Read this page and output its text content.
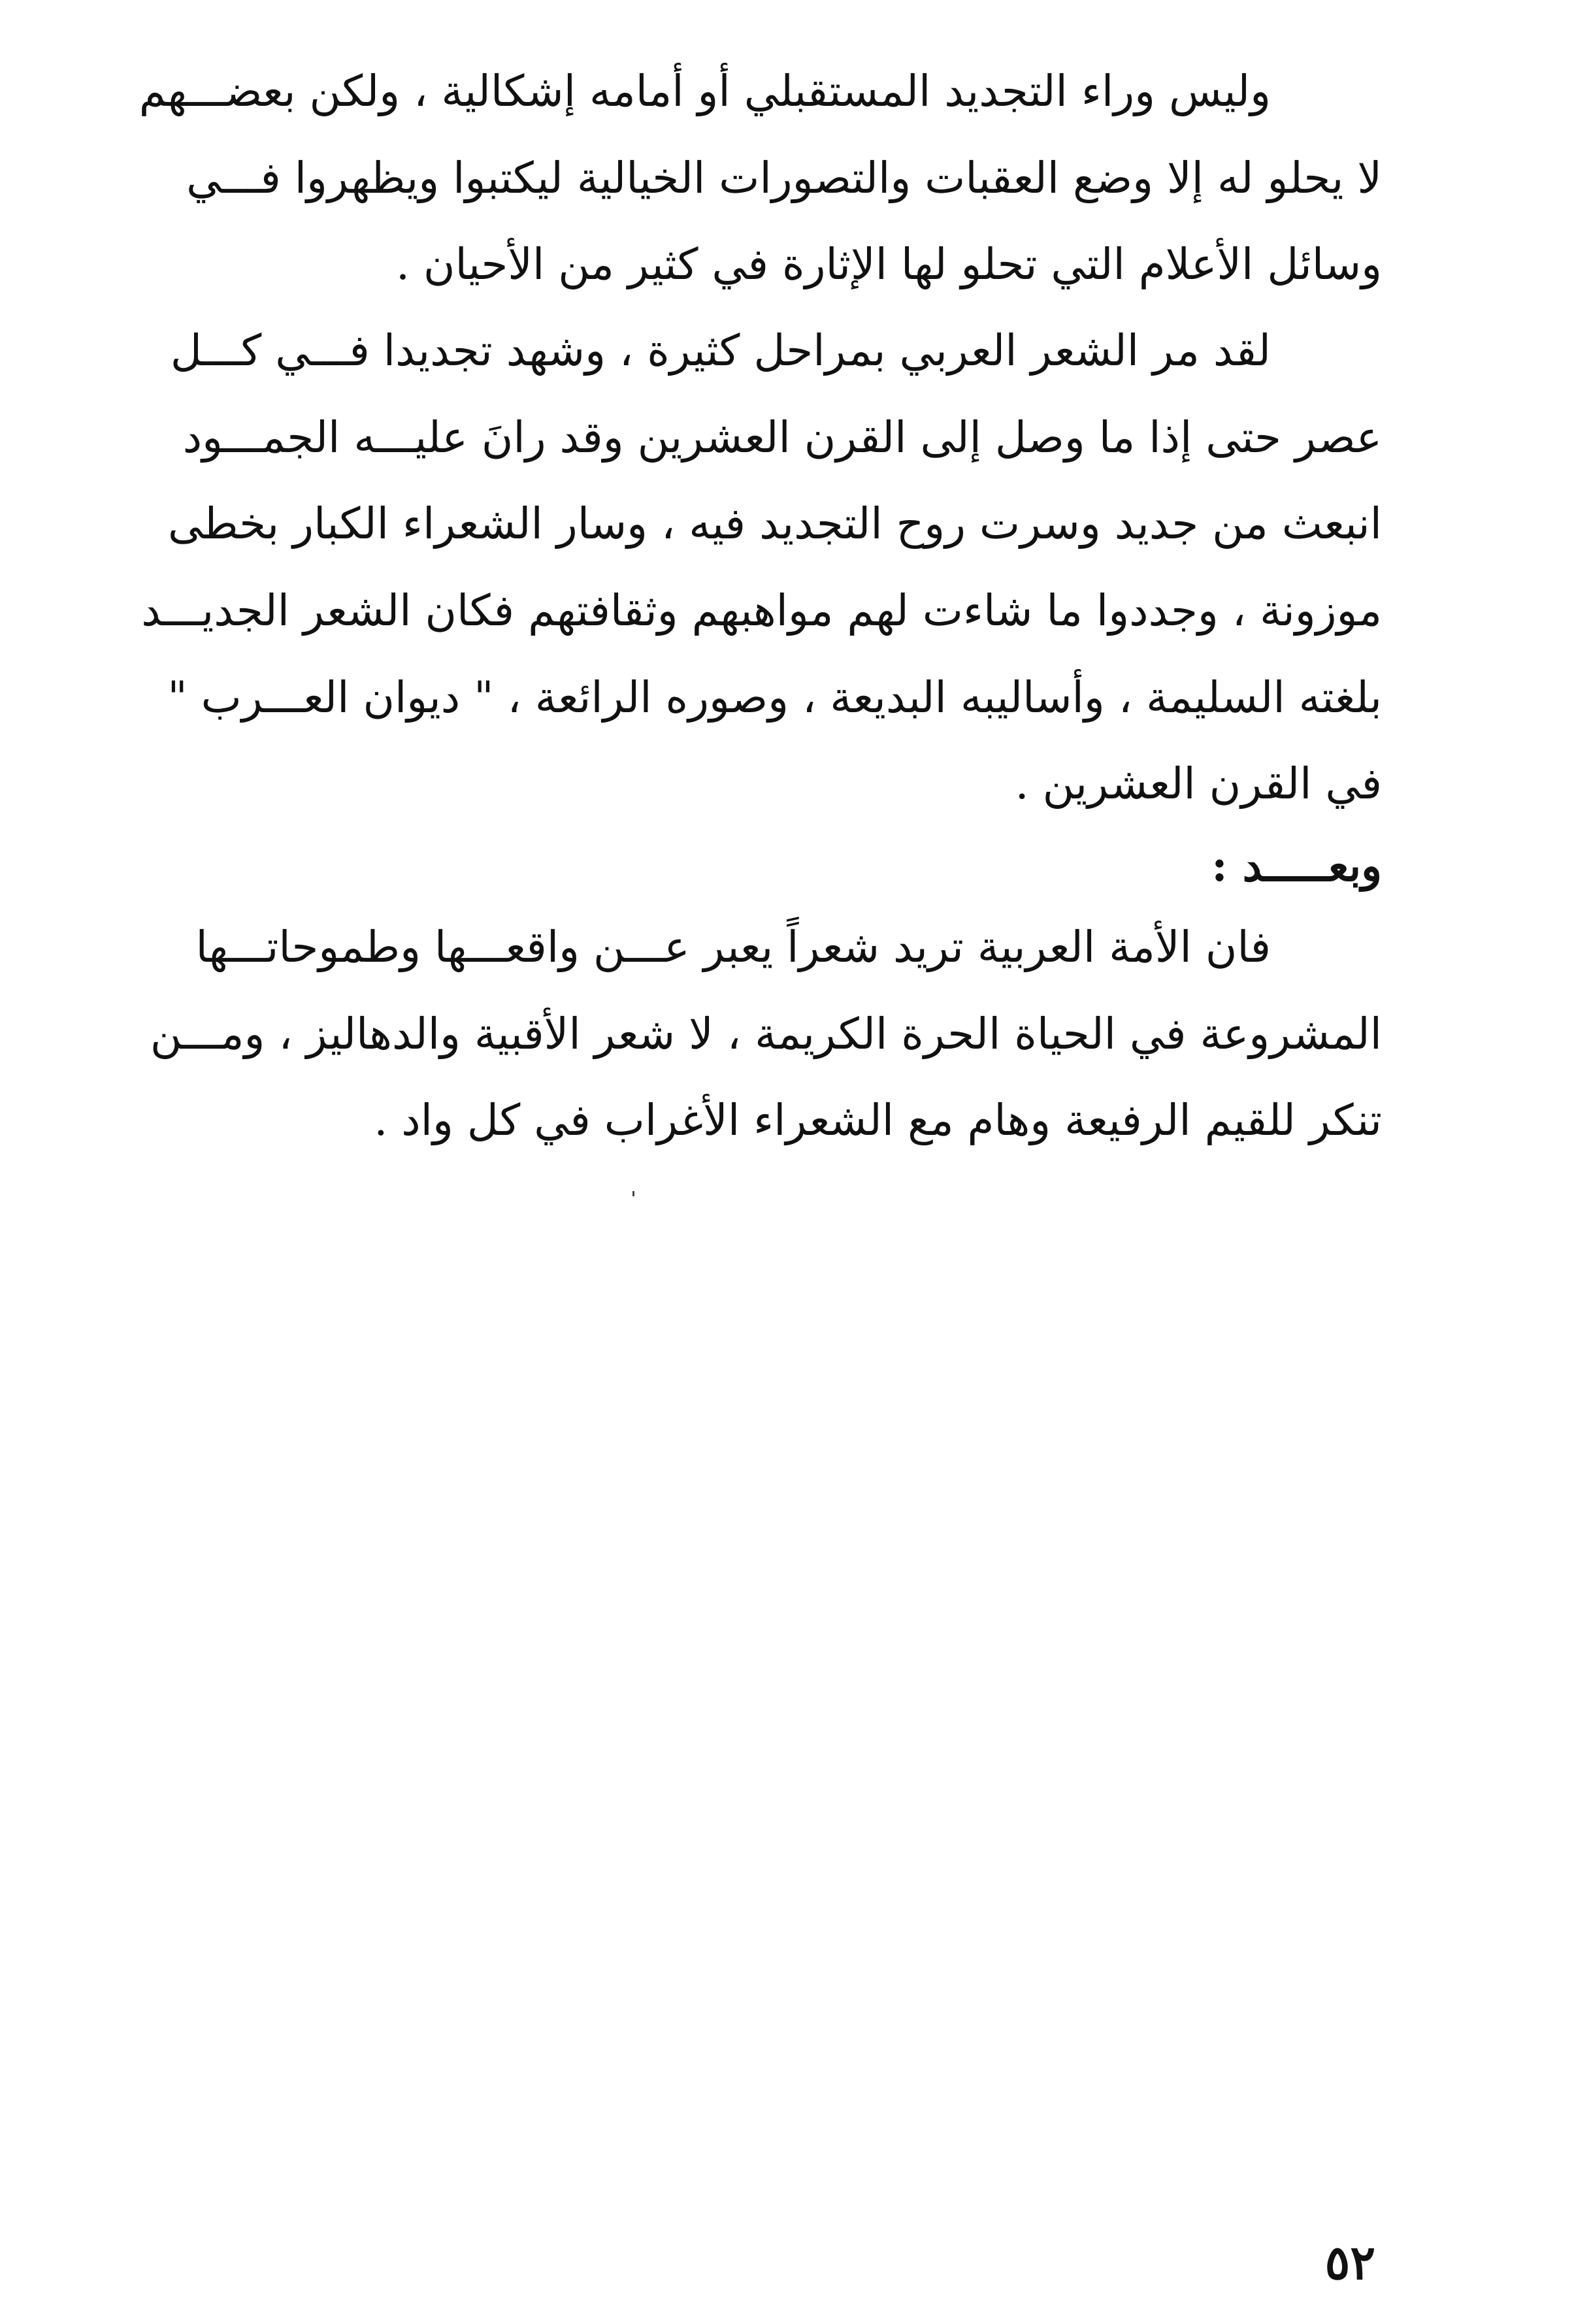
وليس وراء التجديد المستقبلي أو أمامه إشكالية ، ولكن بعضـــهم
لا يحلو له إلا وضع العقبات والتصورات الخيالية ليكتبوا ويظهروا فـــي
وسائل الأعلام التي تحلو لها الإثارة في كثير من الأحيان .
لقد مر الشعر العربي بمراحل كثيرة ، وشهد تجديدا فـــي كـــل
عصر حتى إذا ما وصل إلى القرن العشرين وقد رانَ عليـــه الجمـــود
انبعث من جديد وسرت روح التجديد فيه ، وسار الشعراء الكبار بخطى
موزونة ، وجددوا ما شاءت لهم مواهبهم وثقافتهم فكان الشعر الجديـــد
بلغته السليمة ، وأساليبه البديعة ، وصوره الرائعة ، " ديوان العـــرب "
في القرن العشرين .
وبعـــــد :
فان الأمة العربية تريد شعراً يعبر عـــن واقعـــها وطموحاتـــها
المشروعة في الحياة الحرة الكريمة ، لا شعر الأقبية والدهاليز ، ومـــن
تنكر للقيم الرفيعة وهام مع الشعراء الأغراب في كل واد .
٥٢
